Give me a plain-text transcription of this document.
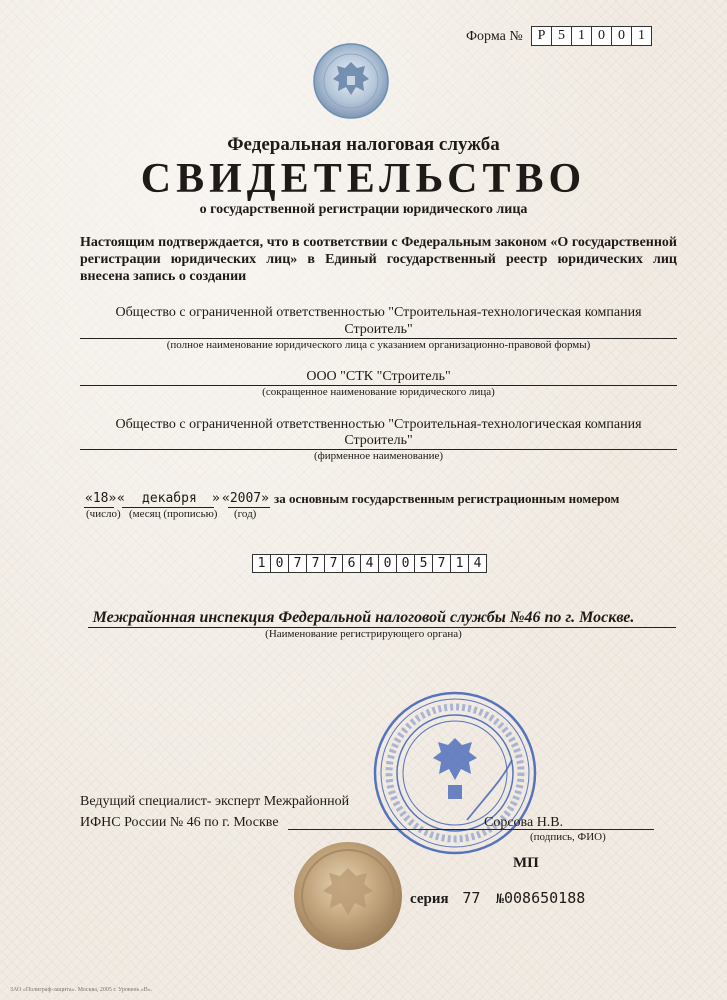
Форма №	Р 5 1 0 0 1
Федеральная налоговая служба
СВИДЕТЕЛЬСТВО
о государственной регистрации юридического лица
Настоящим подтверждается, что в соответствии с Федеральным законом «О государственной регистрации юридических лиц» в Единый государственный реестр юридических лиц внесена запись о создании
Общество с ограниченной ответственностью "Строительная-технологическая компания
Строитель"
(полное наименование юридического лица с указанием организационно-правовой формы)
ООО "СТК "Строитель"
(сокращенное наименование юридического лица)
Общество с ограниченной ответственностью "Строительная-технологическая компания
Строитель"
(фирменное наименование)
«18» « декабря » «2007» за основным государственным регистрационным номером
(число) (месяц (прописью) (год)
1 0 7 7 7 6 4 0 0 5 7 1 4
Межрайонная инспекция Федеральной налоговой службы №46 по г. Москве.
(Наименование регистрирующего органа)
Ведущий специалист- эксперт Межрайонной
ИФНС России № 46 по г. Москве	Сорсова Н.В.
(подпись, ФИО)
МП
серия 77 №008650188
ЗАО «Полиграф-защита». Москва, 2005 г. Уровень «В».
